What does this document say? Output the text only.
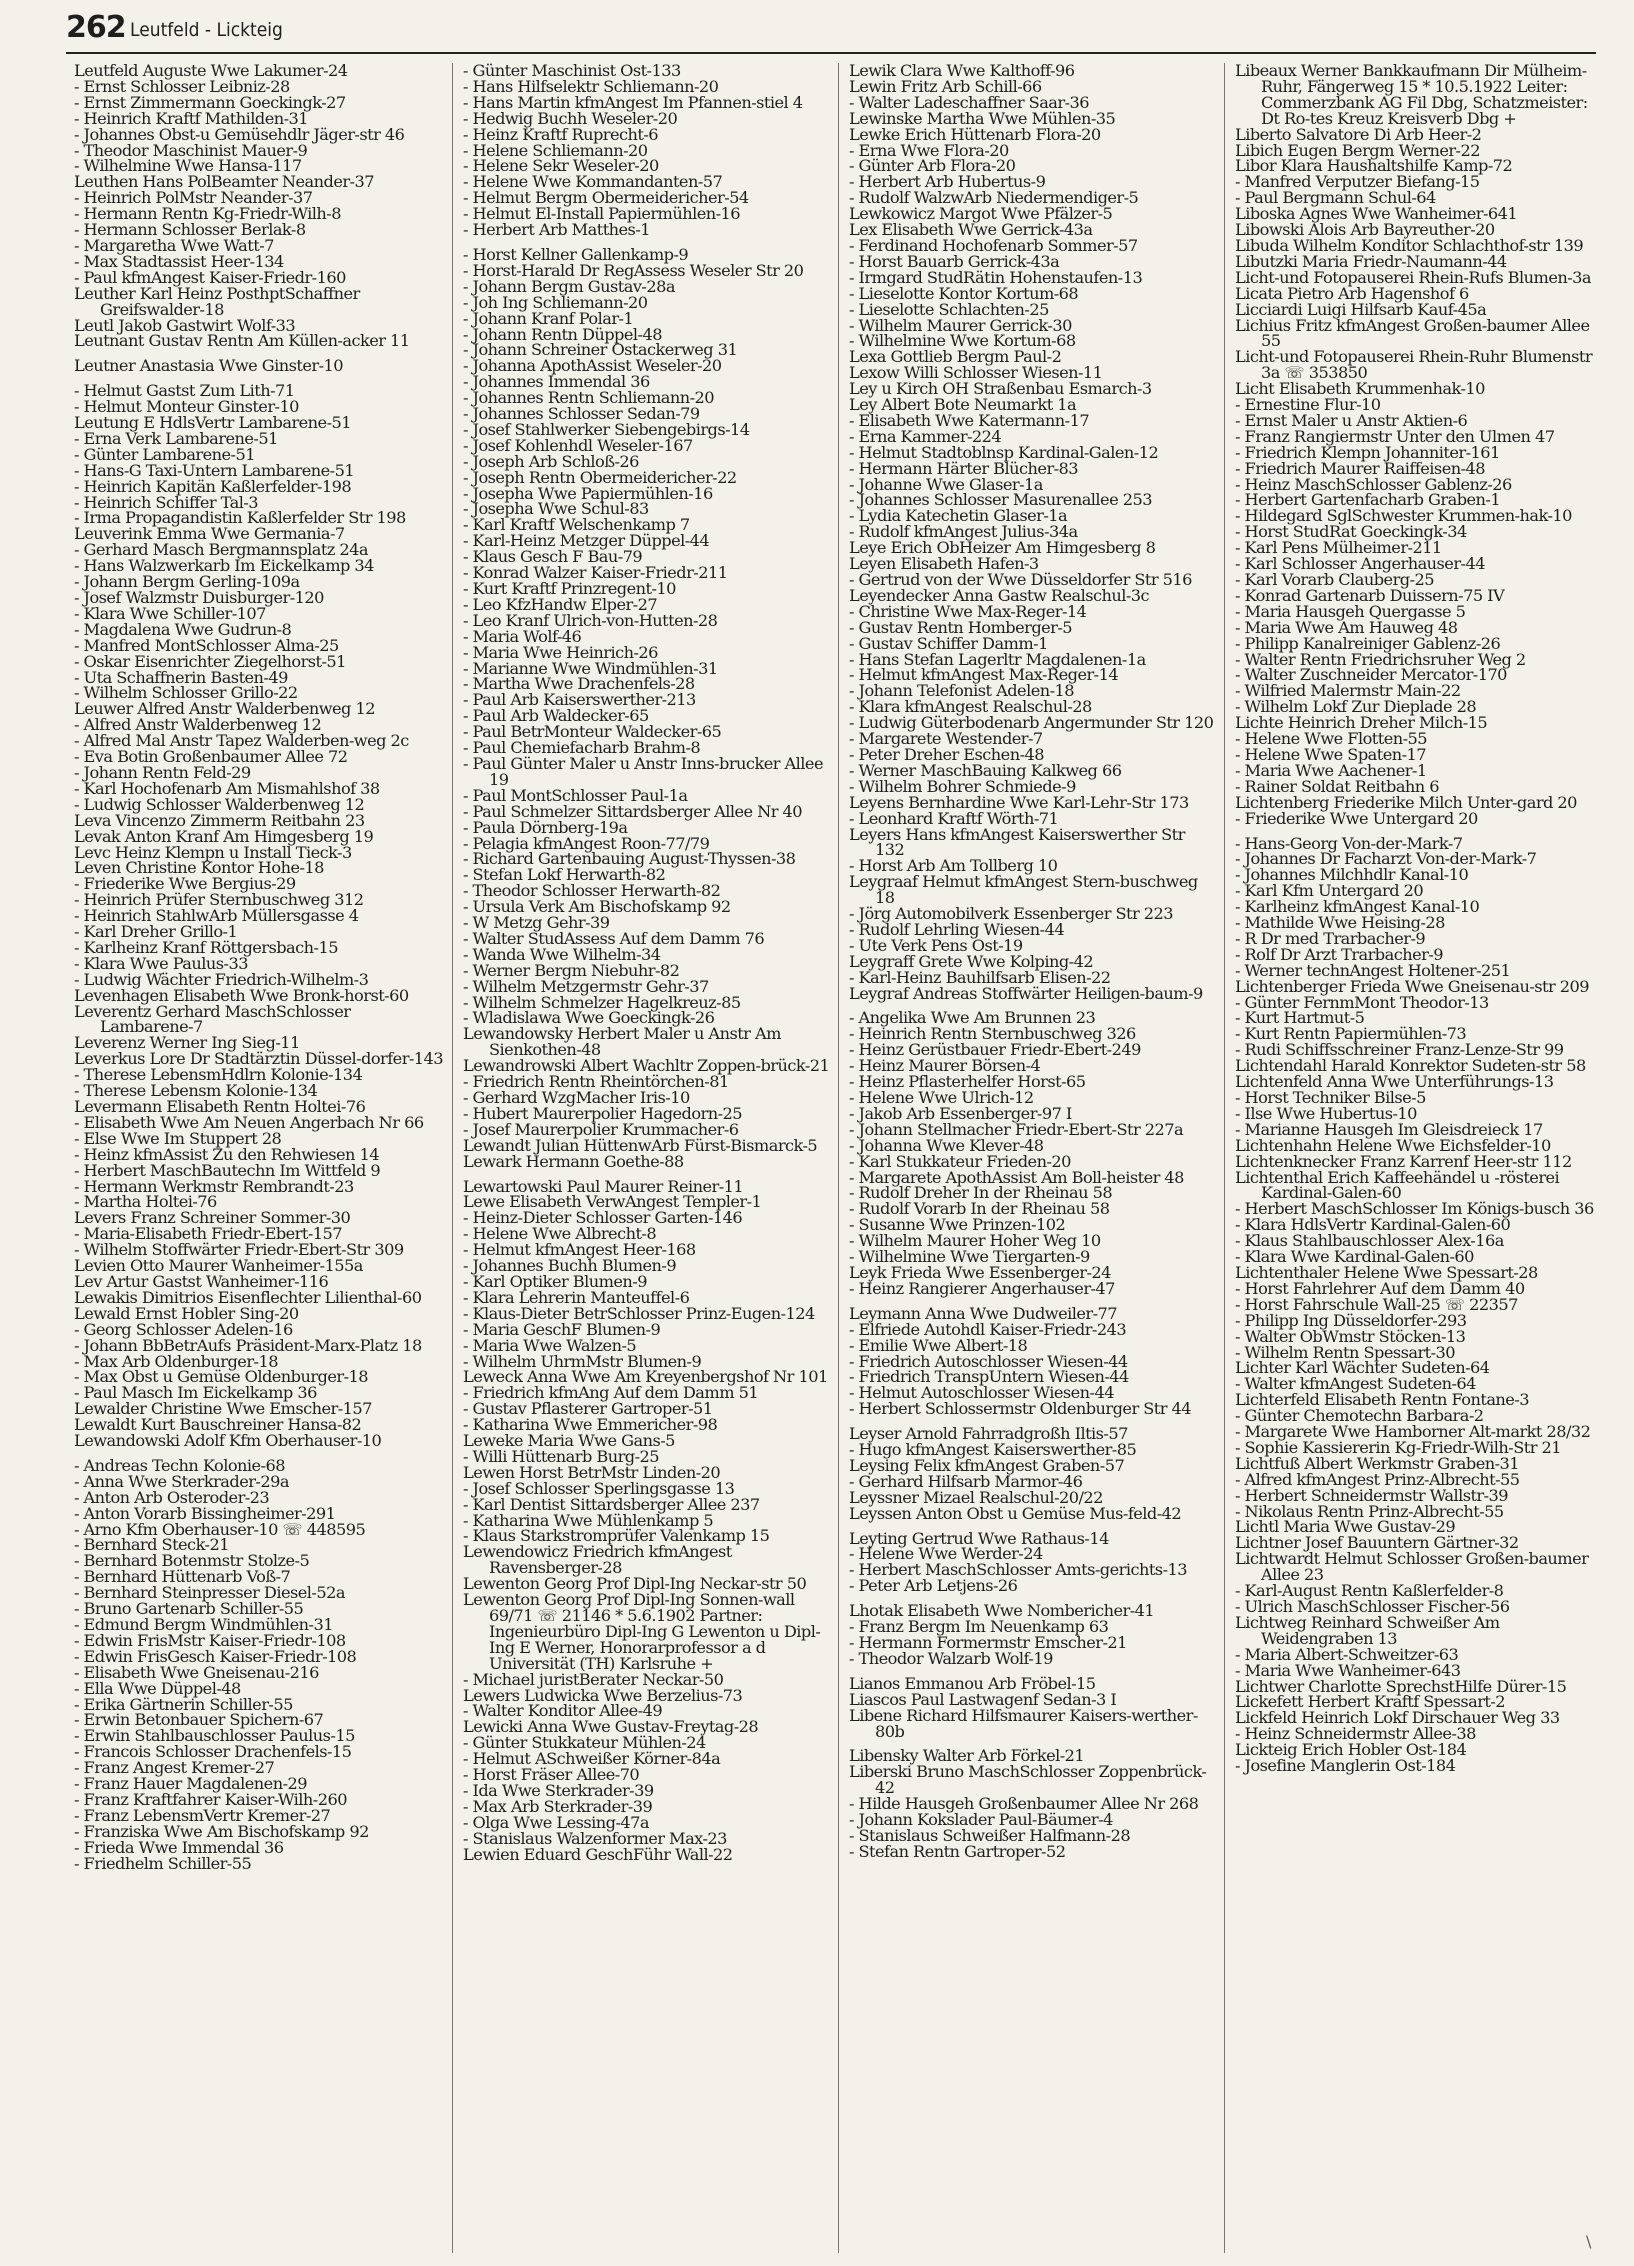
262 Leutfeld - Lickteig

Leutfeld Auguste Wwe Lakumer-24

- Ernst Schlosser Leibniz-28

- Ernst Zimmermann Goeckingk-27

- Heinrich Kraftf Mathilden-31

- Johannes Obst-u Gemüsehdlr Jäger-str 46

- Theodor Maschinist Mauer-9

- Wilhelmine Wwe Hansa-117

Leuthen Hans PolBeamter Neander-37

- Heinrich PolMstr Neander-37

- Hermann Rentn Kg-Friedr-Wilh-8

- Hermann Schlosser Berlak-8

- Margaretha Wwe Watt-7

- Max Stadtassist Heer-134

- Paul kfmAngest Kaiser-Friedr-160

Leuther Karl Heinz PosthptSchaffner Greifswalder-18

Leutl Jakob Gastwirt Wolf-33

Leutnant Gustav Rentn Am Küllen-acker 11

Leutner Anastasia Wwe Ginster-10

- Helmut Gastst Zum Lith-71

- Helmut Monteur Ginster-10

Leutung E HdlsVertr Lambarene-51

- Erna Verk Lambarene-51

- Günter Lambarene-51

- Hans-G Taxi-Untern Lambarene-51

- Heinrich Kapitän Kaßlerfelder-198

- Heinrich Schiffer Tal-3

- Irma Propagandistin Kaßlerfelder Str 198

Leuverink Emma Wwe Germania-7

- Gerhard Masch Bergmannsplatz 24a

- Hans Walzwerkarb Im Eickelkamp 34

- Johann Bergm Gerling-109a

- Josef Walzmstr Duisburger-120

- Klara Wwe Schiller-107

- Magdalena Wwe Gudrun-8

- Manfred MontSchlosser Alma-25

- Oskar Eisenrichter Ziegelhorst-51

- Uta Schaffnerin Basten-49

- Wilhelm Schlosser Grillo-22

Leuwer Alfred Anstr Walderbenweg 12

- Alfred Anstr Walderbenweg 12

- Alfred Mal Anstr Tapez Walderben-weg 2c

- Eva Botin Großenbaumer Allee 72

- Johann Rentn Feld-29

- Karl Hochofenarb Am Mismahlshof 38

- Ludwig Schlosser Walderbenweg 12

Leva Vincenzo Zimmerm Reitbahn 23

Levak Anton Kranf Am Himgesberg 19

Levc Heinz Klempn u Install Tieck-3

Leven Christine Kontor Hohe-18

- Friederike Wwe Bergius-29

- Heinrich Prüfer Sternbuschweg 312

- Heinrich StahlwArb Müllersgasse 4

- Karl Dreher Grillo-1

- Karlheinz Kranf Röttgersbach-15

- Klara Wwe Paulus-33

- Ludwig Wächter Friedrich-Wilhelm-3

Levenhagen Elisabeth Wwe Bronk-horst-60

Leverentz Gerhard MaschSchlosser Lambarene-7

Leverenz Werner Ing Sieg-11

Leverkus Lore Dr Stadtärztin Düssel-dorfer-143

- Therese LebensmHdlrn Kolonie-134

- Therese Lebensm Kolonie-134

Levermann Elisabeth Rentn Holtei-76

- Elisabeth Wwe Am Neuen Angerbach Nr 66

- Else Wwe Im Stuppert 28

- Heinz kfmAssist Zu den Rehwiesen 14

- Herbert MaschBautechn Im Wittfeld 9

- Hermann Werkmstr Rembrandt-23

- Martha Holtei-76

Levers Franz Schreiner Sommer-30

- Maria-Elisabeth Friedr-Ebert-157

- Wilhelm Stoffwärter Friedr-Ebert-Str 309

Levien Otto Maurer Wanheimer-155a

Lev Artur Gastst Wanheimer-116

Lewakis Dimitrios Eisenflechter Lilienthal-60

Lewald Ernst Hobler Sing-20

- Georg Schlosser Adelen-16

- Johann BbBetrAufs Präsident-Marx-Platz 18

- Max Arb Oldenburger-18

- Max Obst u Gemüse Oldenburger-18

- Paul Masch Im Eickelkamp 36

Lewalder Christine Wwe Emscher-157

Lewaldt Kurt Bauschreiner Hansa-82

Lewandowski Adolf Kfm Oberhauser-10

- Andreas Techn Kolonie-68

- Anna Wwe Sterkrader-29a

- Anton Arb Osteroder-23

- Anton Vorarb Bissingheimer-291

- Arno Kfm Oberhauser-10 ☏ 448595

- Bernhard Steck-21

- Bernhard Botenmstr Stolze-5

- Bernhard Hüttenarb Voß-7

- Bernhard Steinpresser Diesel-52a

- Bruno Gartenarb Schiller-55

- Edmund Bergm Windmühlen-31

- Edwin FrisMstr Kaiser-Friedr-108

- Edwin FrisGesch Kaiser-Friedr-108

- Elisabeth Wwe Gneisenau-216

- Ella Wwe Düppel-48

- Erika Gärtnerin Schiller-55

- Erwin Betonbauer Spichern-67

- Erwin Stahlbauschlosser Paulus-15

- Francois Schlosser Drachenfels-15

- Franz Angest Kremer-27

- Franz Hauer Magdalenen-29

- Franz Kraftfahrer Kaiser-Wilh-260

- Franz LebensmVertr Kremer-27

- Franziska Wwe Am Bischofskamp 92

- Frieda Wwe Immendal 36

- Friedhelm Schiller-55

- Günter Maschinist Ost-133

- Hans Hilfselektr Schliemann-20

- Hans Martin kfmAngest Im Pfannen-stiel 4

- Hedwig Buchh Weseler-20

- Heinz Kraftf Ruprecht-6

- Helene Schliemann-20

- Helene Sekr Weseler-20

- Helene Wwe Kommandanten-57

- Helmut Bergm Obermeidericher-54

- Helmut El-Install Papiermühlen-16

- Herbert Arb Matthes-1

- Horst Kellner Gallenkamp-9

- Horst-Harald Dr RegAssess Weseler Str 20

- Johann Bergm Gustav-28a

- Joh Ing Schliemann-20

- Johann Kranf Polar-1

- Johann Rentn Düppel-48

- Johann Schreiner Ostackerweg 31

- Johanna ApothAssist Weseler-20

- Johannes Immendal 36

- Johannes Rentn Schliemann-20

- Johannes Schlosser Sedan-79

- Josef Stahlwerker Siebengebirgs-14

- Josef Kohlenhdl Weseler-167

- Joseph Arb Schloß-26

- Joseph Rentn Obermeidericher-22

- Josepha Wwe Papiermühlen-16

- Josepha Wwe Schul-83

- Karl Kraftf Welschenkamp 7

- Karl-Heinz Metzger Düppel-44

- Klaus Gesch F Bau-79

- Konrad Walzer Kaiser-Friedr-211

- Kurt Kraftf Prinzregent-10

- Leo KfzHandw Elper-27

- Leo Kranf Ulrich-von-Hutten-28

- Maria Wolf-46

- Maria Wwe Heinrich-26

- Marianne Wwe Windmühlen-31

- Martha Wwe Drachenfels-28

- Paul Arb Kaiserswerther-213

- Paul Arb Waldecker-65

- Paul BetrMonteur Waldecker-65

- Paul Chemiefacharb Brahm-8

- Paul Günter Maler u Anstr Inns-brucker Allee 19

- Paul MontSchlosser Paul-1a

- Paul Schmelzer Sittardsberger Allee Nr 40

- Paula Dörnberg-19a

- Pelagia kfmAngest Roon-77/79

- Richard Gartenbauing August-Thyssen-38

- Stefan Lokf Herwarth-82

- Theodor Schlosser Herwarth-82

- Ursula Verk Am Bischofskamp 92

- W Metzg Gehr-39

- Walter StudAssess Auf dem Damm 76

- Wanda Wwe Wilhelm-34

- Werner Bergm Niebuhr-82

- Wilhelm Metzgermstr Gehr-37

- Wilhelm Schmelzer Hagelkreuz-85

- Wladislawa Wwe Goeckingk-26

Lewandowsky Herbert Maler u Anstr Am Sienkothen-48

Lewandrowski Albert Wachltr Zoppen-brück-21

- Friedrich Rentn Rheintörchen-81

- Gerhard WzgMacher Iris-10

- Hubert Maurerpolier Hagedorn-25

- Josef Maurerpolier Krummacher-6

Lewandt Julian HüttenwArb Fürst-Bismarck-5

Lewark Hermann Goethe-88

Lewartowski Paul Maurer Reiner-11

Lewe Elisabeth VerwAngest Templer-1

- Heinz-Dieter Schlosser Garten-146

- Helene Wwe Albrecht-8

- Helmut kfmAngest Heer-168

- Johannes Buchh Blumen-9

- Karl Optiker Blumen-9

- Klara Lehrerin Manteuffel-6

- Klaus-Dieter BetrSchlosser Prinz-Eugen-124

- Maria GeschF Blumen-9

- Maria Wwe Walzen-5

- Wilhelm UhrmMstr Blumen-9

Leweck Anna Wwe Am Kreyenbergshof Nr 101

- Friedrich kfmAng Auf dem Damm 51

- Gustav Pflasterer Gartroper-51

- Katharina Wwe Emmericher-98

Leweke Maria Wwe Gans-5

- Willi Hüttenarb Burg-25

Lewen Horst BetrMstr Linden-20

- Josef Schlosser Sperlingsgasse 13

- Karl Dentist Sittardsberger Allee 237

- Katharina Wwe Mühlenkamp 5

- Klaus Starkstromprüfer Valenkamp 15

Lewendowicz Friedrich kfmAngest Ravensberger-28

Lewenton Georg Prof Dipl-Ing Neckar-str 50

Lewenton Georg Prof Dipl-Ing Sonnen-wall 69/71 ☏ 21146 * 5.6.1902 Partner: Ingenieurbüro Dipl-Ing G Lewenton u Dipl-Ing E Werner, Honorarprofessor a d Universität (TH) Karlsruhe +

- Michael juristBerater Neckar-50

Lewers Ludwicka Wwe Berzelius-73

- Walter Konditor Allee-49

Lewicki Anna Wwe Gustav-Freytag-28

- Günter Stukkateur Mühlen-24

- Helmut ASchweißer Körner-84a

- Horst Fräser Allee-70

- Ida Wwe Sterkrader-39

- Max Arb Sterkrader-39

- Olga Wwe Lessing-47a

- Stanislaus Walzenformer Max-23

Lewien Eduard GeschFühr Wall-22

Lewik Clara Wwe Kalthoff-96

Lewin Fritz Arb Schill-66

- Walter Ladeschaffner Saar-36

Lewinske Martha Wwe Mühlen-35

Lewke Erich Hüttenarb Flora-20

- Erna Wwe Flora-20

- Günter Arb Flora-20

- Herbert Arb Hubertus-9

- Rudolf WalzwArb Niedermendiger-5

Lewkowicz Margot Wwe Pfälzer-5

Lex Elisabeth Wwe Gerrick-43a

- Ferdinand Hochofenarb Sommer-57

- Horst Bauarb Gerrick-43a

- Irmgard StudRätin Hohenstaufen-13

- Lieselotte Kontor Kortum-68

- Lieselotte Schlachten-25

- Wilhelm Maurer Gerrick-30

- Wilhelmine Wwe Kortum-68

Lexa Gottlieb Bergm Paul-2

Lexow Willi Schlosser Wiesen-11

Ley u Kirch OH Straßenbau Esmarch-3

Ley Albert Bote Neumarkt 1a

- Elisabeth Wwe Katermann-17

- Erna Kammer-224

- Helmut Stadtoblnsp Kardinal-Galen-12

- Hermann Härter Blücher-83

- Johanne Wwe Glaser-1a

- Johannes Schlosser Masurenallee 253

- Lydia Katechetin Glaser-1a

- Rudolf kfmAngest Julius-34a

Leye Erich ObHeizer Am Himgesberg 8

Leyen Elisabeth Hafen-3

- Gertrud von der Wwe Düsseldorfer Str 516

Leyendecker Anna Gastw Realschul-3c

- Christine Wwe Max-Reger-14

- Gustav Rentn Homberger-5

- Gustav Schiffer Damm-1

- Hans Stefan Lagerltr Magdalenen-1a

- Helmut kfmAngest Max-Reger-14

- Johann Telefonist Adelen-18

- Klara kfmAngest Realschul-28

- Ludwig Güterbodenarb Angermunder Str 120

- Margarete Westender-7

- Peter Dreher Eschen-48

- Werner MaschBauing Kalkweg 66

- Wilhelm Bohrer Schmiede-9

Leyens Bernhardine Wwe Karl-Lehr-Str 173

- Leonhard Kraftf Wörth-71

Leyers Hans kfmAngest Kaiserswerther Str 132

- Horst Arb Am Tollberg 10

Leygraaf Helmut kfmAngest Stern-buschweg 18

- Jörg Automobilverk Essenberger Str 223

- Rudolf Lehrling Wiesen-44

- Ute Verk Pens Ost-19

Leygraff Grete Wwe Kolping-42

- Karl-Heinz Bauhilfsarb Elisen-22

Leygraf Andreas Stoffwärter Heiligen-baum-9

- Angelika Wwe Am Brunnen 23

- Heinrich Rentn Sternbuschweg 326

- Heinz Gerüstbauer Friedr-Ebert-249

- Heinz Maurer Börsen-4

- Heinz Pflasterhelfer Horst-65

- Helene Wwe Ulrich-12

- Jakob Arb Essenberger-97 I

- Johann Stellmacher Friedr-Ebert-Str 227a

- Johanna Wwe Klever-48

- Karl Stukkateur Frieden-20

- Margarete ApothAssist Am Boll-heister 48

- Rudolf Dreher In der Rheinau 58

- Rudolf Vorarb In der Rheinau 58

- Susanne Wwe Prinzen-102

- Wilhelm Maurer Hoher Weg 10

- Wilhelmine Wwe Tiergarten-9

Leyk Frieda Wwe Essenberger-24

- Heinz Rangierer Angerhauser-47

Leymann Anna Wwe Dudweiler-77

- Elfriede Autohdl Kaiser-Friedr-243

- Emilie Wwe Albert-18

- Friedrich Autoschlosser Wiesen-44

- Friedrich TranspUntern Wiesen-44

- Helmut Autoschlosser Wiesen-44

- Herbert Schlossermstr Oldenburger Str 44

Leyser Arnold Fahrradgroßh Iltis-57

- Hugo kfmAngest Kaiserswerther-85

Leysing Felix kfmAngest Graben-57

- Gerhard Hilfsarb Marmor-46

Leyssner Mizael Realschul-20/22

Leyssen Anton Obst u Gemüse Mus-feld-42

Leyting Gertrud Wwe Rathaus-14

- Helene Wwe Werder-24

- Herbert MaschSchlosser Amts-gerichts-13

- Peter Arb Letjens-26

Lhotak Elisabeth Wwe Nombericher-41

- Franz Bergm Im Neuenkamp 63

- Hermann Formermstr Emscher-21

- Theodor Walzarb Wolf-19

Lianos Emmanou Arb Fröbel-15

Liascos Paul Lastwagenf Sedan-3 I

Libene Richard Hilfsmaurer Kaisers-werther-80b

Libensky Walter Arb Förkel-21

Liberski Bruno MaschSchlosser Zoppenbrück-42

- Hilde Hausgeh Großenbaumer Allee Nr 268

- Johann Kokslader Paul-Bäumer-4

- Stanislaus Schweißer Halfmann-28

- Stefan Rentn Gartroper-52

Libeaux Werner Bankkaufmann Dir Mülheim-Ruhr, Fängerweg 15 * 10.5.1922 Leiter: Commerzbank AG Fil Dbg, Schatzmeister: Dt Ro-tes Kreuz Kreisverb Dbg +

Liberto Salvatore Di Arb Heer-2

Libich Eugen Bergm Werner-22

Libor Klara Haushaltshilfe Kamp-72

- Manfred Verputzer Biefang-15

- Paul Bergmann Schul-64

Liboska Agnes Wwe Wanheimer-641

Libowski Alois Arb Bayreuther-20

Libuda Wilhelm Konditor Schlachthof-str 139

Libutzki Maria Friedr-Naumann-44

Licht-und Fotopauserei Rhein-Rufs Blumen-3a

Licata Pietro Arb Hagenshof 6

Licciardi Luigi Hilfsarb Kauf-45a

Lichius Fritz kfmAngest Großen-baumer Allee 55

Licht-und Fotopauserei Rhein-Ruhr Blumenstr 3a ☏ 353850

Licht Elisabeth Krummenhak-10

- Ernestine Flur-10

- Ernst Maler u Anstr Aktien-6

- Franz Rangiermstr Unter den Ulmen 47

- Friedrich Klempn Johanniter-161

- Friedrich Maurer Raiffeisen-48

- Heinz MaschSchlosser Gablenz-26

- Herbert Gartenfacharb Graben-1

- Hildegard SglSchwester Krummen-hak-10

- Horst StudRat Goeckingk-34

- Karl Pens Mülheimer-211

- Karl Schlosser Angerhauser-44

- Karl Vorarb Clauberg-25

- Konrad Gartenarb Duissern-75 IV

- Maria Hausgeh Quergasse 5

- Maria Wwe Am Hauweg 48

- Philipp Kanalreiniger Gablenz-26

- Walter Rentn Friedrichsruher Weg 2

- Walter Zuschneider Mercator-170

- Wilfried Malermstr Main-22

- Wilhelm Lokf Zur Dieplade 28

Lichte Heinrich Dreher Milch-15

- Helene Wwe Flotten-55

- Helene Wwe Spaten-17

- Maria Wwe Aachener-1

- Rainer Soldat Reitbahn 6

Lichtenberg Friederike Milch Unter-gard 20

- Friederike Wwe Untergard 20

- Hans-Georg Von-der-Mark-7

- Johannes Dr Facharzt Von-der-Mark-7

- Johannes Milchhdlr Kanal-10

- Karl Kfm Untergard 20

- Karlheinz kfmAngest Kanal-10

- Mathilde Wwe Heising-28

- R Dr med Trarbacher-9

- Rolf Dr Arzt Trarbacher-9

- Werner technAngest Holtener-251

Lichtenberger Frieda Wwe Gneisenau-str 209

- Günter FernmMont Theodor-13

- Kurt Hartmut-5

- Kurt Rentn Papiermühlen-73

- Rudi Schiffsschreiner Franz-Lenze-Str 99

Lichtendahl Harald Konrektor Sudeten-str 58

Lichtenfeld Anna Wwe Unterführungs-13

- Horst Techniker Bilse-5

- Ilse Wwe Hubertus-10

- Marianne Hausgeh Im Gleisdreieck 17

Lichtenhahn Helene Wwe Eichsfelder-10

Lichtenknecker Franz Karrenf Heer-str 112

Lichtenthal Erich Kaffeehändel u -rösterei Kardinal-Galen-60

- Herbert MaschSchlosser Im Königs-busch 36

- Klara HdlsVertr Kardinal-Galen-60

- Klaus Stahlbauschlosser Alex-16a

- Klara Wwe Kardinal-Galen-60

Lichtenthaler Helene Wwe Spessart-28

- Horst Fahrlehrer Auf dem Damm 40

- Horst Fahrschule Wall-25 ☏ 22357

- Philipp Ing Düsseldorfer-293

- Walter ObWmstr Stöcken-13

- Wilhelm Rentn Spessart-30

Lichter Karl Wächter Sudeten-64

- Walter kfmAngest Sudeten-64

Lichterfeld Elisabeth Rentn Fontane-3

- Günter Chemotechn Barbara-2

- Margarete Wwe Hamborner Alt-markt 28/32

- Sophie Kassiererin Kg-Friedr-Wilh-Str 21

Lichtfuß Albert Werkmstr Graben-31

- Alfred kfmAngest Prinz-Albrecht-55

- Herbert Schneidermstr Wallstr-39

- Nikolaus Rentn Prinz-Albrecht-55

Lichtl Maria Wwe Gustav-29

Lichtner Josef Bauuntern Gärtner-32

Lichtwardt Helmut Schlosser Großen-baumer Allee 23

- Karl-August Rentn Kaßlerfelder-8

- Ulrich MaschSchlosser Fischer-56

Lichtweg Reinhard Schweißer Am Weidengraben 13

- Maria Albert-Schweitzer-63

- Maria Wwe Wanheimer-643

Lichtwer Charlotte SprechstHilfe Dürer-15

Lickefett Herbert Kraftf Spessart-2

Lickfeld Heinrich Lokf Dirschauer Weg 33

- Heinz Schneidermstr Allee-38

Lickteig Erich Hobler Ost-184

- Josefine Manglerin Ost-184

\
